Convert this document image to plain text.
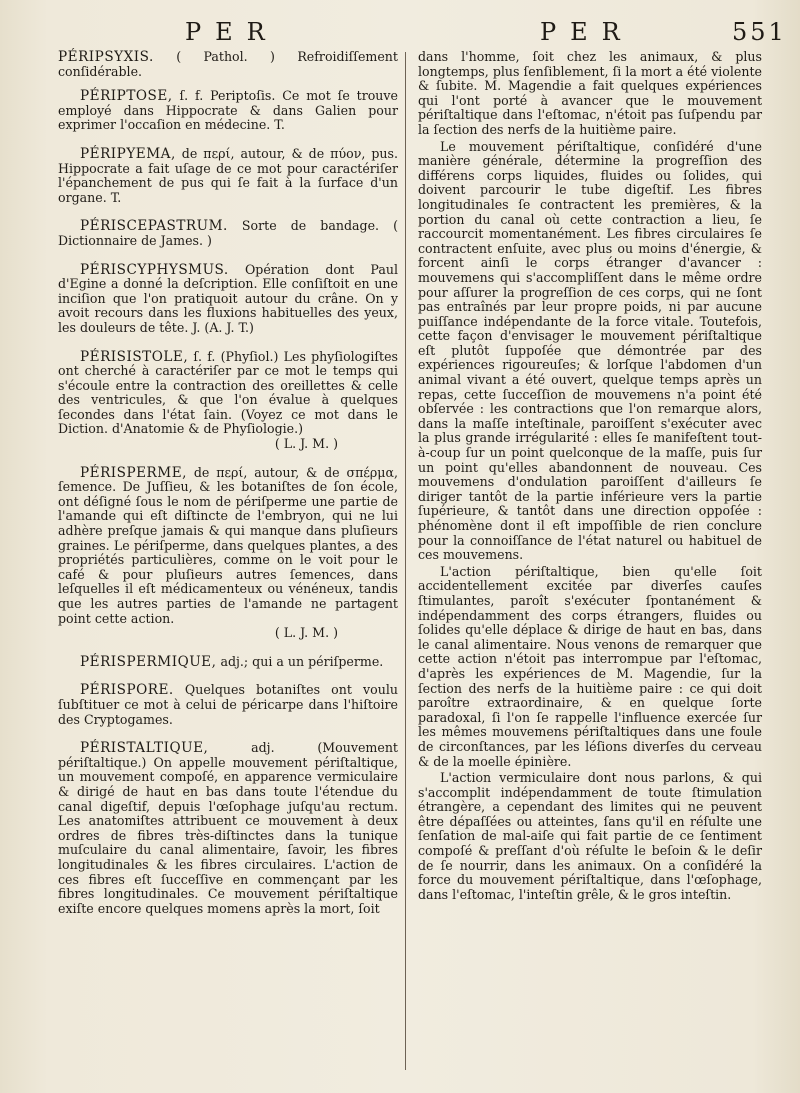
PER	PER	551

PÉRIPSYXIS. ( Pathol. ) Refroidiſſement conſidérable.

PÉRIPTOSE, ſ. f. Periptoſis. Ce mot ſe trouve employé dans Hippocrate & dans Galien pour exprimer l'occaſion en médecine. T.

PÉRIPYEMA, de περί, autour, & de πύον, pus. Hippocrate a fait uſage de ce mot pour caractériſer l'épanchement de pus qui ſe fait à la ſurface d'un organe. T.

PÉRISCEPASTRUM. Sorte de bandage. ( Dictionnaire de James. )

PÉRISCYPHYSMUS. Opération dont Paul d'Egine a donné la deſcription. Elle conſiſtoit en une inciſion que l'on pratiquoit autour du crâne. On y avoit recours dans les fluxions habituelles des yeux, les douleurs de tête. J. (A. J. T.)

PÉRISISTOLE, ſ. f. (Phyſiol.) Les phyſiologiſtes ont cherché à caractériſer par ce mot le temps qui s'écoule entre la contraction des oreillettes & celle des ventricules, & que l'on évalue à quelques ſecondes dans l'état ſain. (Voyez ce mot dans le Diction. d'Anatomie & de Phyſiologie.)

( L. J. M. )

PÉRISPERME, de περί, autour, & de σπέρμα, ſemence. De Juſſieu, & les botaniſtes de ſon école, ont déſigné ſous le nom de périſperme une partie de l'amande qui eſt diſtincte de l'embryon, qui ne lui adhère preſque jamais & qui manque dans pluſieurs graines. Le périſperme, dans quelques plantes, a des propriétés particulières, comme on le voit pour le café & pour pluſieurs autres ſemences, dans leſquelles il eſt médicamenteux ou vénéneux, tandis que les autres parties de l'amande ne partagent point cette action.

( L. J. M. )

PÉRISPERMIQUE, adj.; qui a un périſperme.

PÉRISPORE. Quelques botaniſtes ont voulu ſubſtituer ce mot à celui de péricarpe dans l'hiſtoire des Cryptogames.

PÉRISTALTIQUE,	adj. (Mouvement périſtaltique.) On appelle mouvement périſtaltique, un mouvement compoſé, en apparence vermiculaire & dirigé de haut en bas dans toute l'étendue du canal digeſtif, depuis l'œſophage juſqu'au rectum. Les anatomiſtes attribuent ce mouvement à deux ordres de fibres très-diſtinctes dans la tunique muſculaire du canal alimentaire, ſavoir, les fibres longitudinales & les fibres circulaires. L'action de ces fibres eſt ſucceſſive en commençant par les fibres longitudinales. Ce mouvement périſtaltique exiſte encore quelques momens après la mort, ſoit

dans l'homme, ſoit chez les animaux, & plus longtemps, plus ſenſiblement, ſi la mort a été violente & ſubite. M. Magendie a fait quelques expériences qui l'ont porté à avancer que le mouvement périſtaltique dans l'eſtomac, n'étoit pas ſuſpendu par la ſection des nerfs de la huitième paire.

Le mouvement périſtaltique, conſidéré d'une manière générale, détermine la progreſſion des différens corps liquides, fluides ou ſolides, qui doivent parcourir le tube digeſtif. Les fibres longitudinales ſe contractent les premières, & la portion du canal où cette contraction a lieu, ſe raccourcit momentanément. Les fibres circulaires ſe contractent enſuite, avec plus ou moins d'énergie, & forcent ainſi le corps étranger d'avancer : mouvemens qui s'accompliſſent dans le même ordre pour aſſurer la progreſſion de ces corps, qui ne ſont pas entraînés par leur propre poids, ni par aucune puiſſance indépendante de la force vitale. Toutefois, cette façon d'envisager le mouvement périſtaltique eſt plutôt ſuppoſée que démontrée par des expériences rigoureuſes; & lorſque l'abdomen d'un animal vivant a été ouvert, quelque temps après un repas, cette ſucceſſion de mouvemens n'a point été obſervée : les contractions que l'on remarque alors, dans la maſſe inteſtinale, paroiſſent s'exécuter avec la plus grande irrégularité : elles ſe manifeſtent tout-à-coup ſur un point quelconque de la maſſe, puis ſur un point qu'elles abandonnent de nouveau. Ces mouvemens d'ondulation paroiſſent d'ailleurs ſe diriger tantôt de la partie inférieure vers la partie ſupérieure, & tantôt dans une direction oppoſée : phénomène dont il eſt impoſſible de rien conclure pour la connoiſſance de l'état naturel ou habituel de ces mouvemens.

L'action périſtaltique, bien qu'elle ſoit accidentellement excitée par diverſes cauſes ſtimulantes, paroît s'exécuter ſpontanément & indépendamment des corps étrangers, fluides ou ſolides qu'elle déplace & dirige de haut en bas, dans le canal alimentaire. Nous venons de remarquer que cette action n'étoit pas interrompue par l'eſtomac, d'après les expériences de M. Magendie, ſur la ſection des nerfs de la huitième paire : ce qui doit paroître extraordinaire, & en quelque ſorte paradoxal, ſi l'on ſe rappelle l'influence exercée ſur les mêmes mouvemens périſtaltiques dans une foule de circonſtances, par les léſions diverſes du cerveau & de la moelle épinière.

L'action vermiculaire dont nous parlons, & qui s'accomplit indépendamment de toute ſtimulation étrangère, a cependant des limites qui ne peuvent être dépaſſées ou atteintes, ſans qu'il en réſulte une ſenſation de mal-aiſe qui fait partie de ce ſentiment compoſé & preſſant d'où réſulte le beſoin & le deſir de ſe nourrir, dans les animaux. On a conſidéré la force du mouvement périſtaltique, dans l'œſophage, dans l'eſtomac, l'inteſtin grêle, & le gros inteſtin.
